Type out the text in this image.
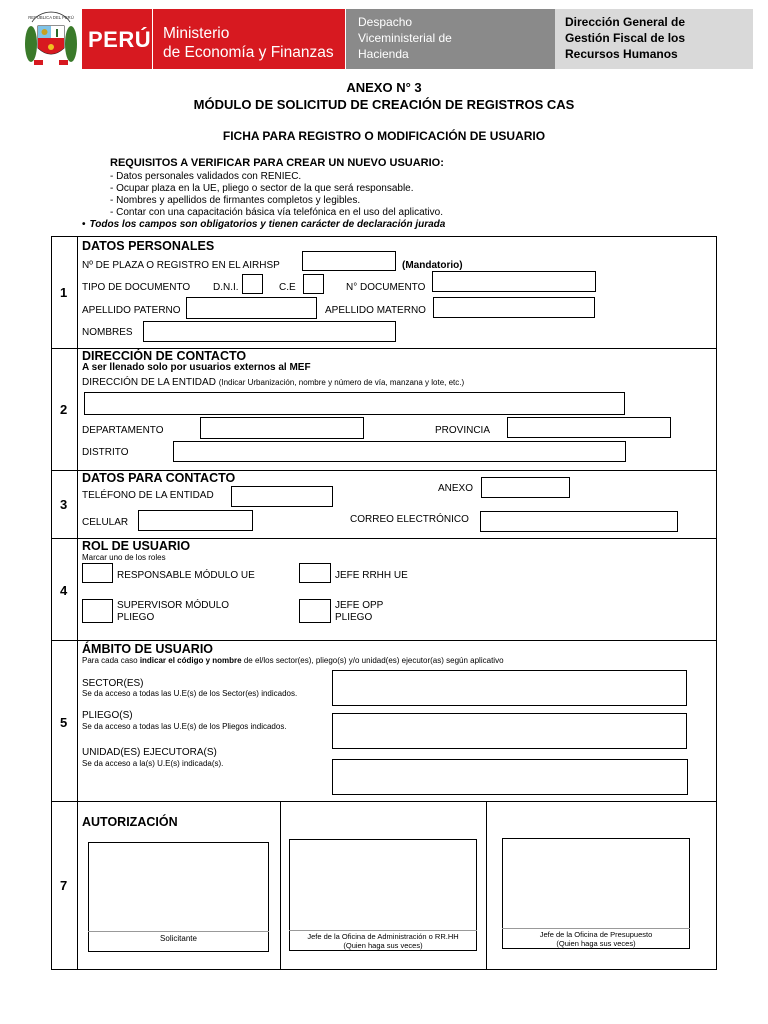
REPÚBLICA DEL PERÚ
PERÚ Ministerio
de Economía y Finanzas
Despacho
Viceministerial de
Hacienda
Dirección General de
Gestión Fiscal de los
Recursos Humanos
ANEXO N° 3
MÓDULO DE SOLICITUD DE CREACIÓN DE REGISTROS CAS
FICHA PARA REGISTRO O MODIFICACIÓN DE USUARIO
REQUISITOS A VERIFICAR PARA CREAR UN NUEVO USUARIO:
- Datos personales validados con RENIEC.
- Ocupar plaza en la UE, pliego o sector de la que será responsable.
- Nombres y apellidos de firmantes completos y legibles.
- Contar con una capacitación básica vía telefónica en el uso del aplicativo.
• Todos los campos son obligatorios y tienen carácter de declaración jurada
1
DATOS PERSONALES
Nº DE PLAZA O REGISTRO EN EL AIRHSP	(Mandatorio)
TIPO DE DOCUMENTO D.N.I.	C.E	N° DOCUMENTO
APELLIDO PATERNO	APELLIDO MATERNO
NOMBRES
2
DIRECCIÓN DE CONTACTO
A ser llenado solo por usuarios externos al MEF
DIRECCIÓN DE LA ENTIDAD (Indicar Urbanización, nombre y número de vía, manzana y lote, etc.)
DEPARTAMENTO	PROVINCIA
DISTRITO
3
DATOS PARA CONTACTO
TELÉFONO DE LA ENTIDAD
ANEXO
CELULAR	CORREO ELECTRÓNICO
4
ROL DE USUARIO
Marcar uno de los roles
RESPONSABLE MÓDULO UE	JEFE RRHH UE
SUPERVISOR MÓDULO
PLIEGO
JEFE OPP
PLIEGO
5
ÁMBITO DE USUARIO
Para cada caso indicar el código y nombre de el/los sector(es), pliego(s) y/o unidad(es) ejecutor(as) según aplicativo
SECTOR(ES)
Se da acceso a todas las U.E(s) de los Sector(es) indicados.
PLIEGO(S)
Se da acceso a todas las U.E(s) de los Pliegos indicados.
UNIDAD(ES) EJECUTORA(S)
Se da acceso a la(s) U.E(s) indicada(s).
7
AUTORIZACIÓN
Solicitante	Jefe de la Oficina de Administración o RR.HH
(Quien haga sus veces)
Jefe de la Oficina de Presupuesto
(Quien haga sus veces)
